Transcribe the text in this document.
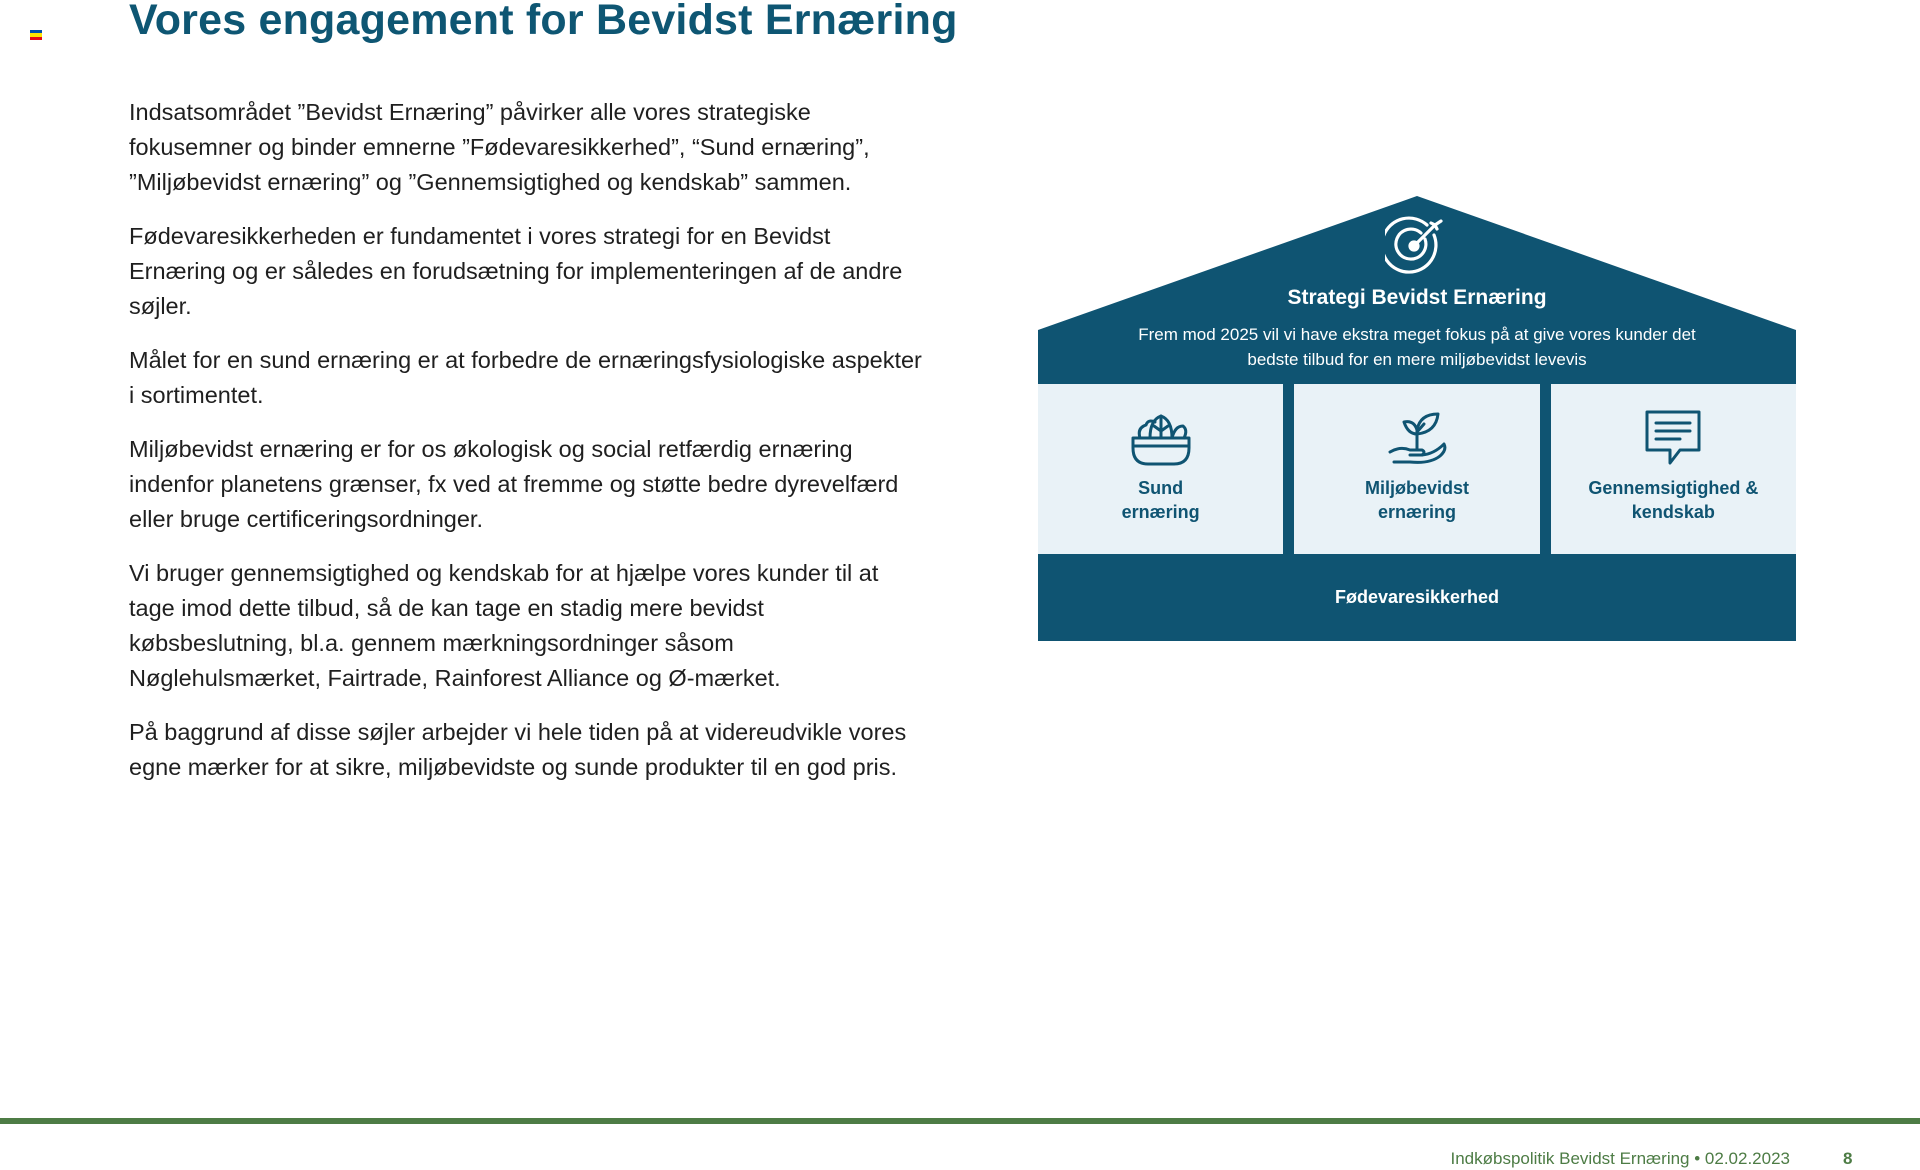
Vores engagement for Bevidst Ernæring

Indsatsområdet ”Bevidst Ernæring” påvirker alle vores strategiske fokusemner og binder emnerne ”Fødevaresikkerhed”, “Sund ernæring”, ”Miljøbevidst ernæring” og ”Gennemsigtighed og kendskab” sammen.

Fødevaresikkerheden er fundamentet i vores strategi for en Bevidst Ernæring og er således en forudsætning for implementeringen af de andre søjler.

Målet for en sund ernæring er at forbedre de ernæringsfysiologiske aspekter i sortimentet.

Miljøbevidst ernæring er for os økologisk og social retfærdig ernæring indenfor planetens grænser, fx ved at fremme og støtte bedre dyrevelfærd eller bruge certificeringsordninger.

Vi bruger gennemsigtighed og kendskab for at hjælpe vores kunder til at tage imod dette tilbud, så de kan tage en stadig mere bevidst købsbeslutning, bl.a. gennem mærkningsordninger såsom Nøglehulsmærket, Fairtrade, Rainforest Alliance og Ø-mærket.

På baggrund af disse søjler arbejder vi hele tiden på at videreudvikle vores egne mærker for at sikre, miljøbevidste og sunde produkter til en god pris.

Strategi Bevidst Ernæring

Frem mod 2025 vil vi have ekstra meget fokus på at give vores kunder det bedste tilbud for en mere miljøbevidst levevis

Sund
ernæring
Miljøbevidst
ernæring
Gennemsigtighed &
kendskab
Fødevaresikkerhed
Indkøbspolitik Bevidst Ernæring • 02.02.2023	8
